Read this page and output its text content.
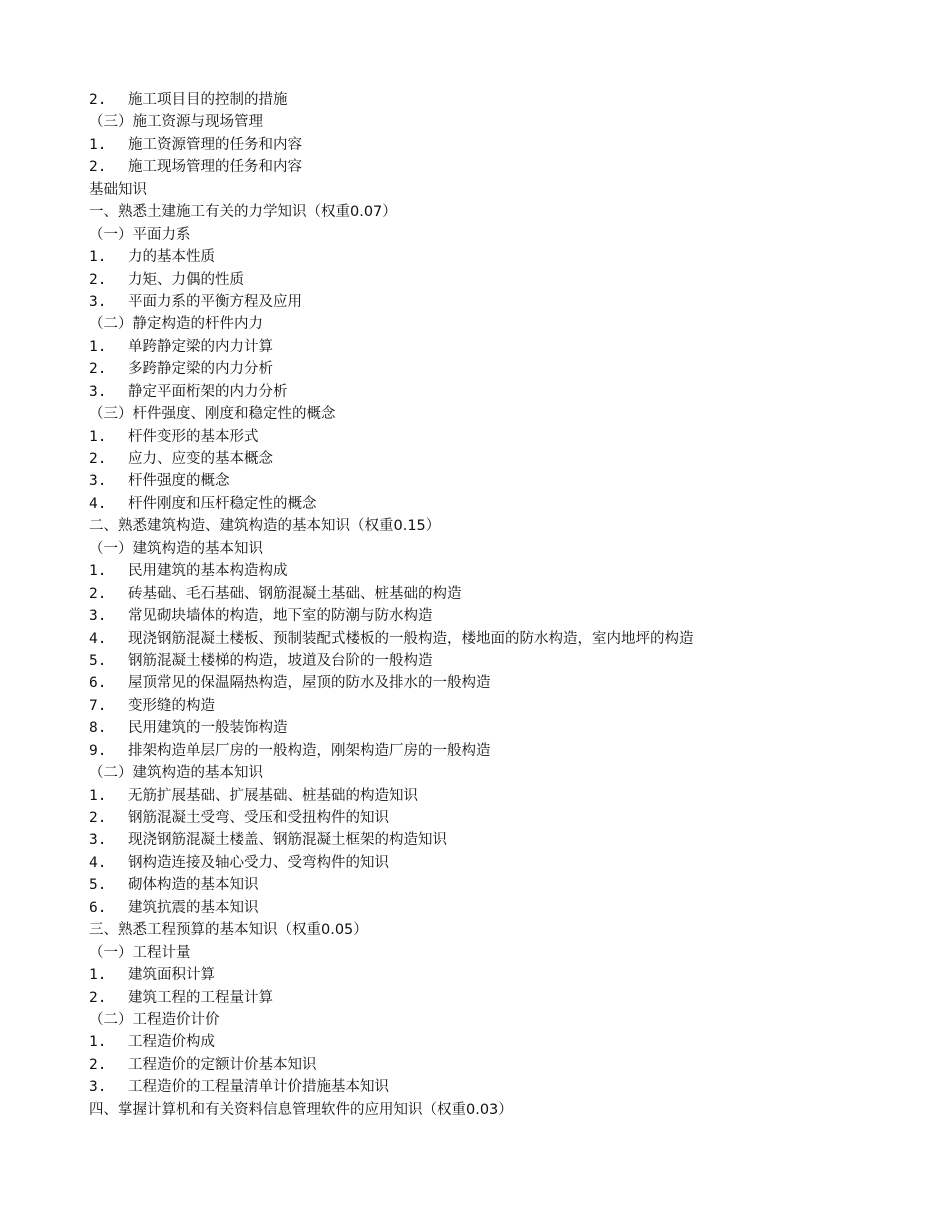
2. 施工项目目的控制的措施
（三）施工资源与现场管理
1. 施工资源管理的任务和内容
2. 施工现场管理的任务和内容
基础知识
一、熟悉土建施工有关的力学知识（权重0.07）
（一）平面力系
1. 力的基本性质
2. 力矩、力偶的性质
3. 平面力系的平衡方程及应用
（二）静定构造的杆件内力
1. 单跨静定梁的内力计算
2. 多跨静定梁的内力分析
3. 静定平面桁架的内力分析
（三）杆件强度、刚度和稳定性的概念
1. 杆件变形的基本形式
2. 应力、应变的基本概念
3. 杆件强度的概念
4. 杆件刚度和压杆稳定性的概念
二、熟悉建筑构造、建筑构造的基本知识（权重0.15）
（一）建筑构造的基本知识
1. 民用建筑的基本构造构成
2. 砖基础、毛石基础、钢筋混凝土基础、桩基础的构造
3. 常见砌块墙体的构造，地下室的防潮与防水构造
4. 现浇钢筋混凝土楼板、预制装配式楼板的一般构造，楼地面的防水构造，室内地坪的构造
5. 钢筋混凝土楼梯的构造，坡道及台阶的一般构造
6. 屋顶常见的保温隔热构造，屋顶的防水及排水的一般构造
7. 变形缝的构造
8. 民用建筑的一般装饰构造
9. 排架构造单层厂房的一般构造，刚架构造厂房的一般构造
（二）建筑构造的基本知识
1. 无筋扩展基础、扩展基础、桩基础的构造知识
2. 钢筋混凝土受弯、受压和受扭构件的知识
3. 现浇钢筋混凝土楼盖、钢筋混凝土框架的构造知识
4. 钢构造连接及轴心受力、受弯构件的知识
5. 砌体构造的基本知识
6. 建筑抗震的基本知识
三、熟悉工程预算的基本知识（权重0.05）
（一）工程计量
1. 建筑面积计算
2. 建筑工程的工程量计算
（二）工程造价计价
1. 工程造价构成
2. 工程造价的定额计价基本知识
3. 工程造价的工程量清单计价措施基本知识
四、掌握计算机和有关资料信息管理软件的应用知识（权重0.03）
